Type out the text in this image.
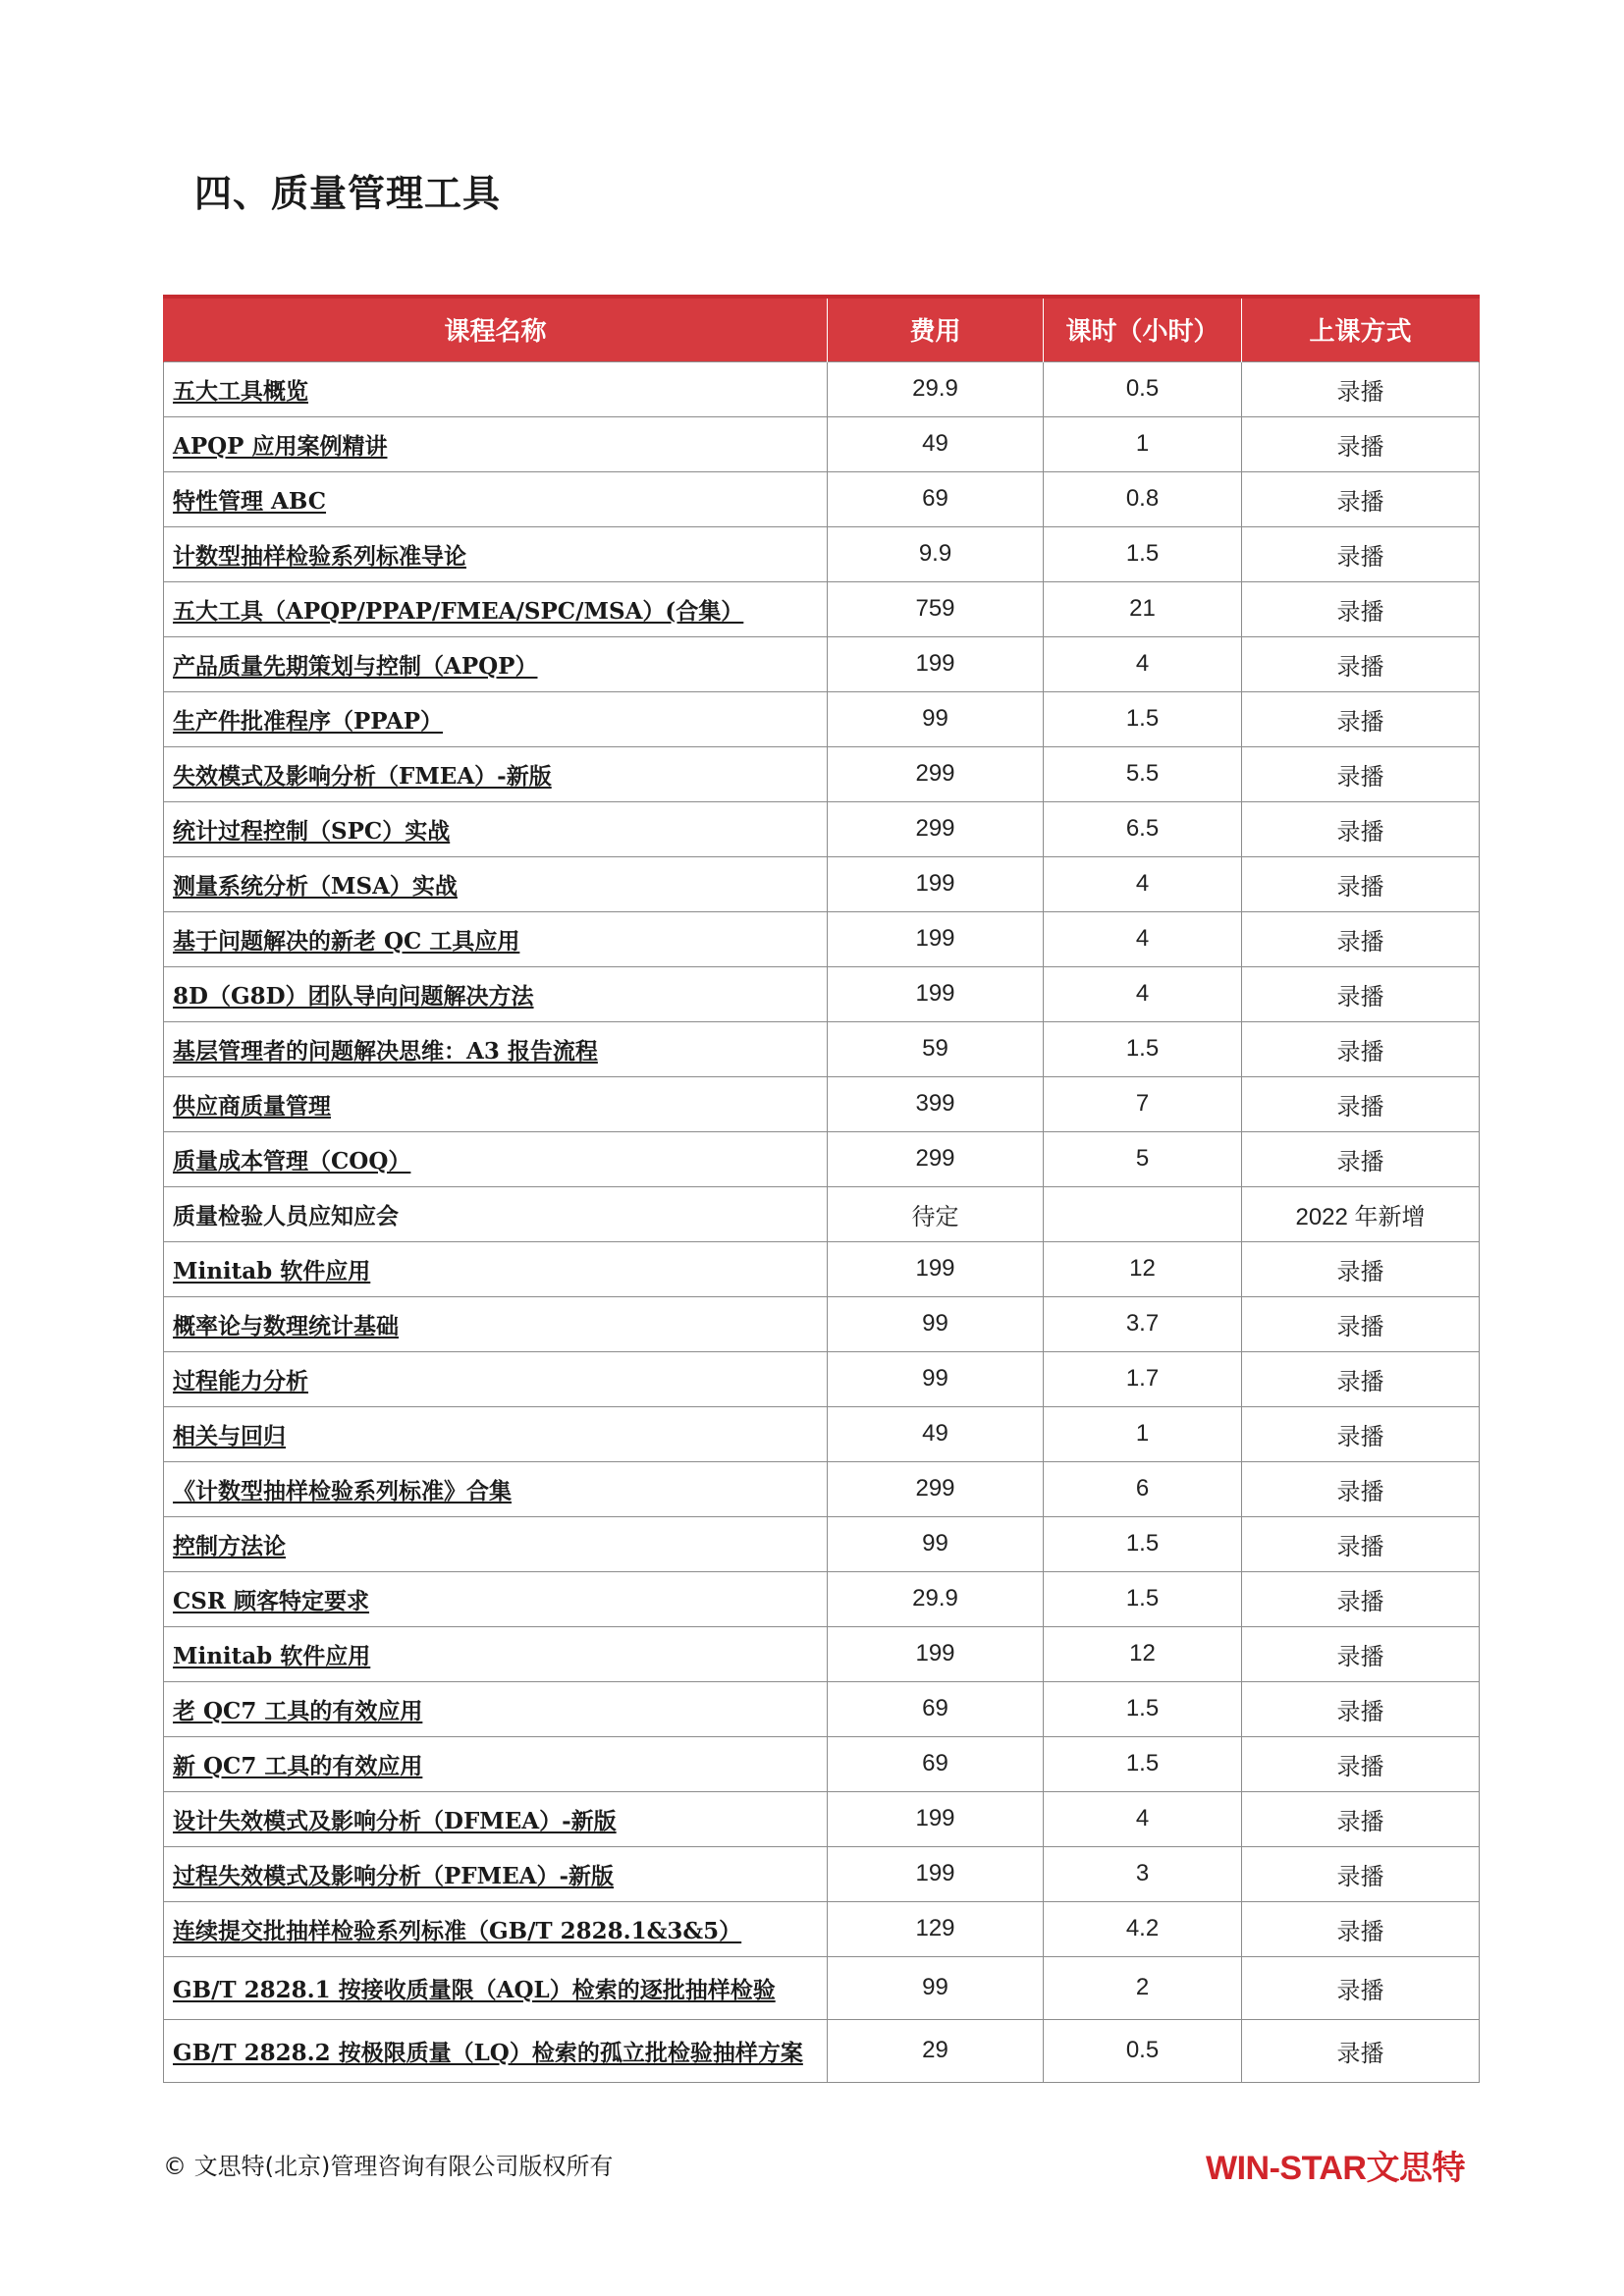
四、质量管理工具
课程名称	费用	课时（小时）	上课方式
五大工具概览	29.9	0.5	录播
APQP 应用案例精讲	49	1	录播
特性管理 ABC	69	0.8	录播
计数型抽样检验系列标准导论	9.9	1.5	录播
五大工具（APQP/PPAP/FMEA/SPC/MSA）(合集）	759	21	录播
产品质量先期策划与控制（APQP）	199	4	录播
生产件批准程序（PPAP）	99	1.5	录播
失效模式及影响分析（FMEA）-新版	299	5.5	录播
统计过程控制（SPC）实战	299	6.5	录播
测量系统分析（MSA）实战	199	4	录播
基于问题解决的新老 QC 工具应用	199	4	录播
8D（G8D）团队导向问题解决方法	199	4	录播
基层管理者的问题解决思维：A3 报告流程	59	1.5	录播
供应商质量管理	399	7	录播
质量成本管理（COQ）	299	5	录播
质量检验人员应知应会	待定		2022 年新增
Minitab 软件应用	199	12	录播
概率论与数理统计基础	99	3.7	录播
过程能力分析	99	1.7	录播
相关与回归	49	1	录播
《计数型抽样检验系列标准》合集	299	6	录播
控制方法论	99	1.5	录播
CSR 顾客特定要求	29.9	1.5	录播
Minitab 软件应用	199	12	录播
老 QC7 工具的有效应用	69	1.5	录播
新 QC7 工具的有效应用	69	1.5	录播
设计失效模式及影响分析（DFMEA）-新版	199	4	录播
过程失效模式及影响分析（PFMEA）-新版	199	3	录播
连续提交批抽样检验系列标准（GB/T 2828.1&3&5）	129	4.2	录播
GB/T 2828.1 按接收质量限（AQL）检索的逐批抽样检验	99	2	录播
GB/T 2828.2 按极限质量（LQ）检索的孤立批检验抽样方案	29	0.5	录播
© 文思特(北京)管理咨询有限公司版权所有	WIN-STAR文思特
